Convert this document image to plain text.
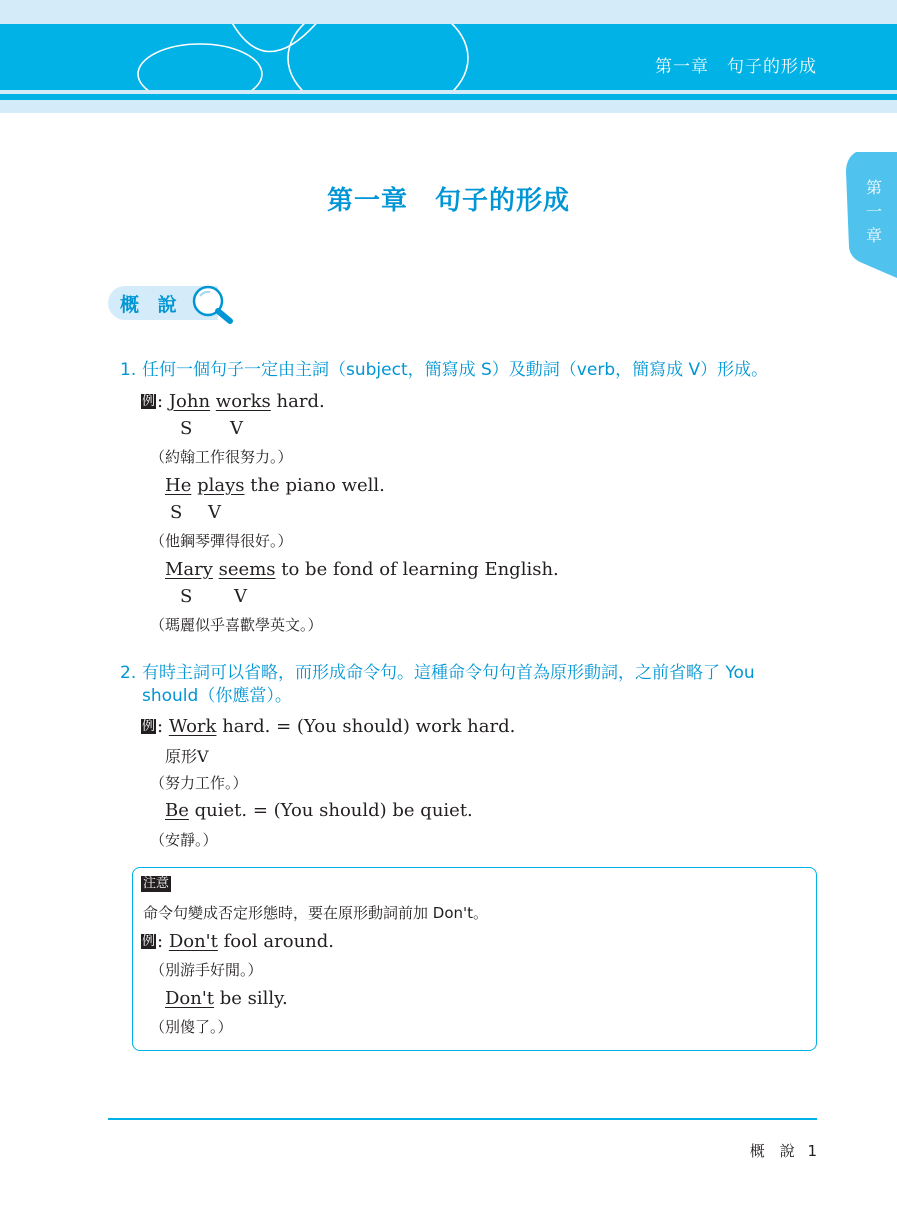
第一章　句子的形成
第
一
章
第一章　句子的形成
概 說
1. 任何一個句子一定由主詞（subject，簡寫成 S）及動詞（verb，簡寫成 V）形成。
例 : John works hard.
S V
（約翰工作很努力。）
He plays the piano well.
S V
（他鋼琴彈得很好。）
Mary seems to be fond of learning English.
S V
（瑪麗似乎喜歡學英文。）
2. 有時主詞可以省略，而形成命令句。這種命令句句首為原形動詞，之前省略了 You
should（你應當）。
例 : Work hard. = (You should) work hard.
原形V
（努力工作。）
Be quiet. = (You should) be quiet.
（安靜。）
注意
命令句變成否定形態時，要在原形動詞前加 Don't。
例 : Don't fool around.
（別游手好閒。）
Don't be silly.
（別傻了。）
概　說 1
